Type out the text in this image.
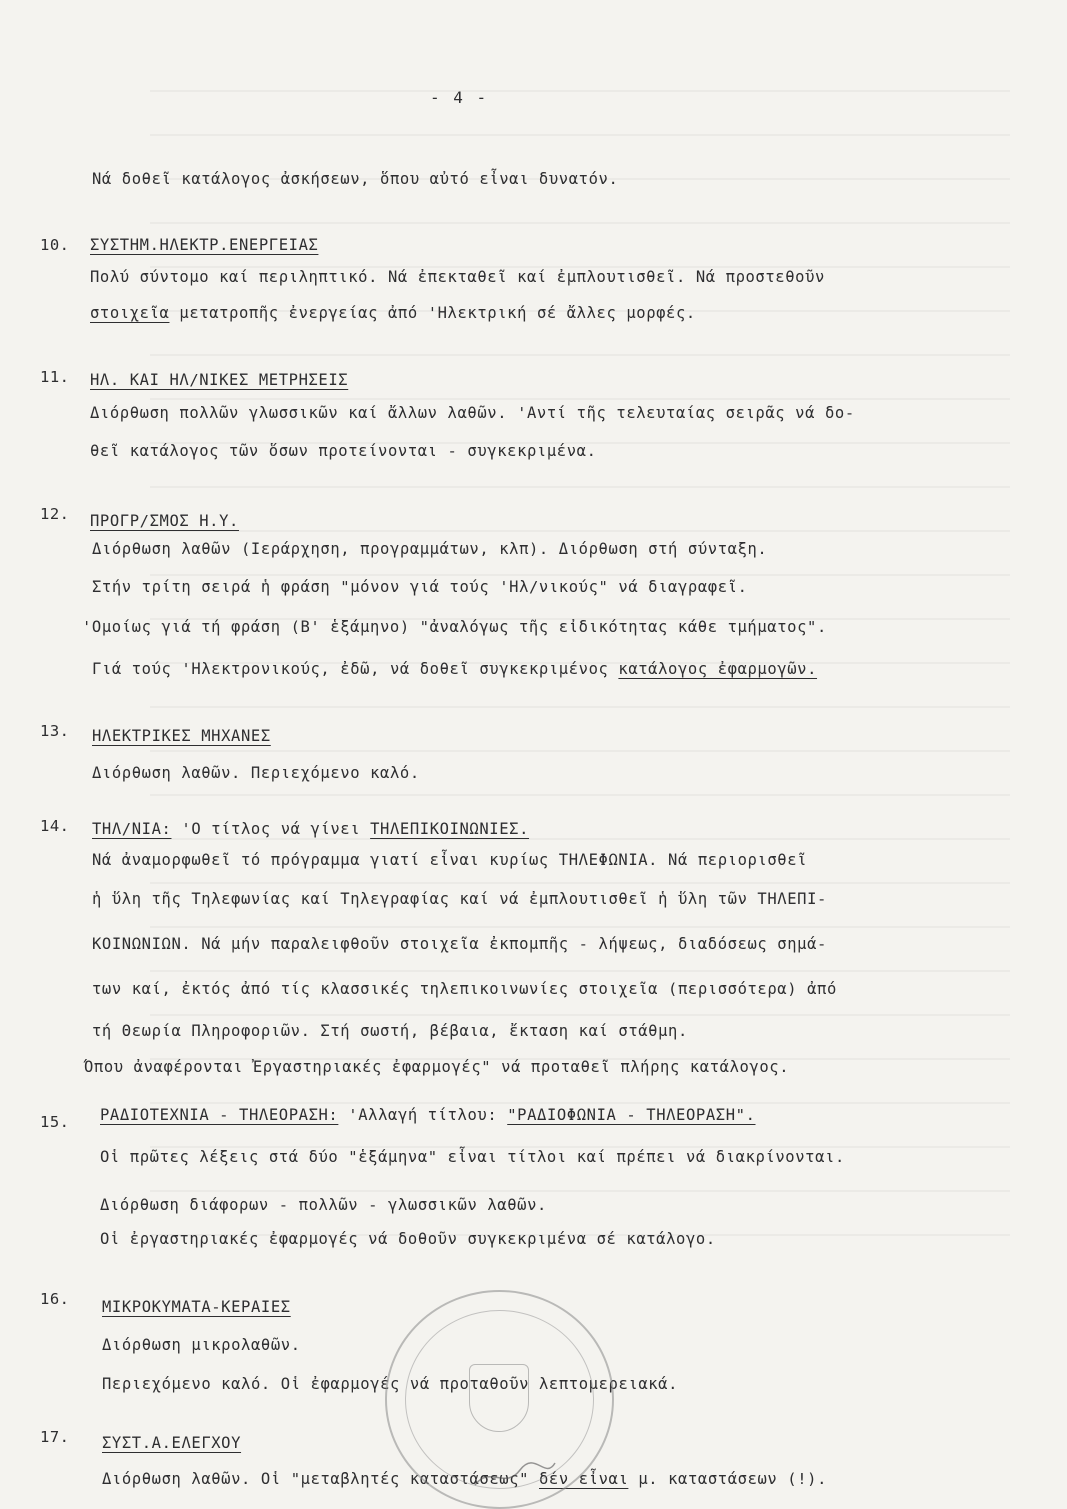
- 4 -
Νά δοθεῖ κατάλογος ἀσκήσεων, ὅπου αὐτό εἶναι δυνατόν.
10. ΣΥΣΤΗΜ.ΗΛΕΚΤΡ.ΕΝΕΡΓΕΙΑΣ
Πολύ σύντομο καί περιληπτικό. Νά ἐπεκταθεῖ καί ἐμπλουτισθεῖ. Νά προστεθοῦν
στοιχεῖα μετατροπῆς ἐνεργείας ἀπό 'Ηλεκτρική σέ ἄλλες μορφές.
11. ΗΛ. ΚΑΙ ΗΛ/ΝΙΚΕΣ ΜΕΤΡΗΣΕΙΣ
Διόρθωση πολλῶν γλωσσικῶν καί ἄλλων λαθῶν. 'Αντί τῆς τελευταίας σειρᾶς νά δο-
θεῖ κατάλογος τῶν ὅσων προτείνονται - συγκεκριμένα.
12. ΠΡΟΓΡ/ΣΜΟΣ Η.Υ.
Διόρθωση λαθῶν (Ιεράρχηση, προγραμμάτων, κλπ). Διόρθωση στή σύνταξη.
Στήν τρίτη σειρά ἡ φράση "μόνον γιά τούς 'Ηλ/νικούς" νά διαγραφεῖ.
'Ομοίως γιά τή φράση (Β' ἑξάμηνο) "ἀναλόγως τῆς εἰδικότητας κάθε τμήματος".
Γιά τούς 'Ηλεκτρονικούς, ἐδῶ, νά δοθεῖ συγκεκριμένος κατάλογος ἐφαρμογῶν.
13. ΗΛΕΚΤΡΙΚΕΣ ΜΗΧΑΝΕΣ
Διόρθωση λαθῶν. Περιεχόμενο καλό.
14. ΤΗΛ/ΝΙΑ: 'Ο τίτλος νά γίνει ΤΗΛΕΠΙΚΟΙΝΩΝΙΕΣ.
Νά ἀναμορφωθεῖ τό πρόγραμμα γιατί εἶναι κυρίως ΤΗΛΕΦΩΝΙΑ. Νά περιορισθεῖ
ἡ ὕλη τῆς Τηλεφωνίας καί Τηλεγραφίας καί νά ἐμπλουτισθεῖ ἡ ὕλη τῶν ΤΗΛΕΠΙ-
ΚΟΙΝΩΝΙΩΝ. Νά μήν παραλειφθοῦν στοιχεῖα ἐκπομπῆς - λήψεως, διαδόσεως σημά-
των καί, ἐκτός ἀπό τίς κλασσικές τηλεπικοινωνίες στοιχεῖα (περισσότερα) ἀπό
τή Θεωρία Πληροφοριῶν. Στή σωστή, βέβαια, ἔκταση καί στάθμη.
Όπου ἀναφέρονται Ἐργαστηριακές ἐφαρμογές" νά προταθεῖ πλήρης κατάλογος.
15. ΡΑΔΙΟΤΕΧΝΙΑ - ΤΗΛΕΟΡΑΣΗ: 'Αλλαγή τίτλου: "ΡΑΔΙΟΦΩΝΙΑ - ΤΗΛΕΟΡΑΣΗ".
Οἱ πρῶτες λέξεις στά δύο "ἑξάμηνα" εἶναι τίτλοι καί πρέπει νά διακρίνονται.
Διόρθωση διάφορων - πολλῶν - γλωσσικῶν λαθῶν.
Οἱ ἐργαστηριακές ἐφαρμογές νά δοθοῦν συγκεκριμένα σέ κατάλογο.
16. ΜΙΚΡΟΚΥΜΑΤΑ-ΚΕΡΑΙΕΣ
Διόρθωση μικρολαθῶν.
Περιεχόμενο καλό. Οἱ ἐφαρμογές νά προταθοῦν λεπτομερειακά.
17. ΣΥΣΤ.Α.ΕΛΕΓΧΟΥ
Διόρθωση λαθῶν. Οἱ "μεταβλητές καταστάσεως" δέν εἶναι μ. καταστάσεων (!).
